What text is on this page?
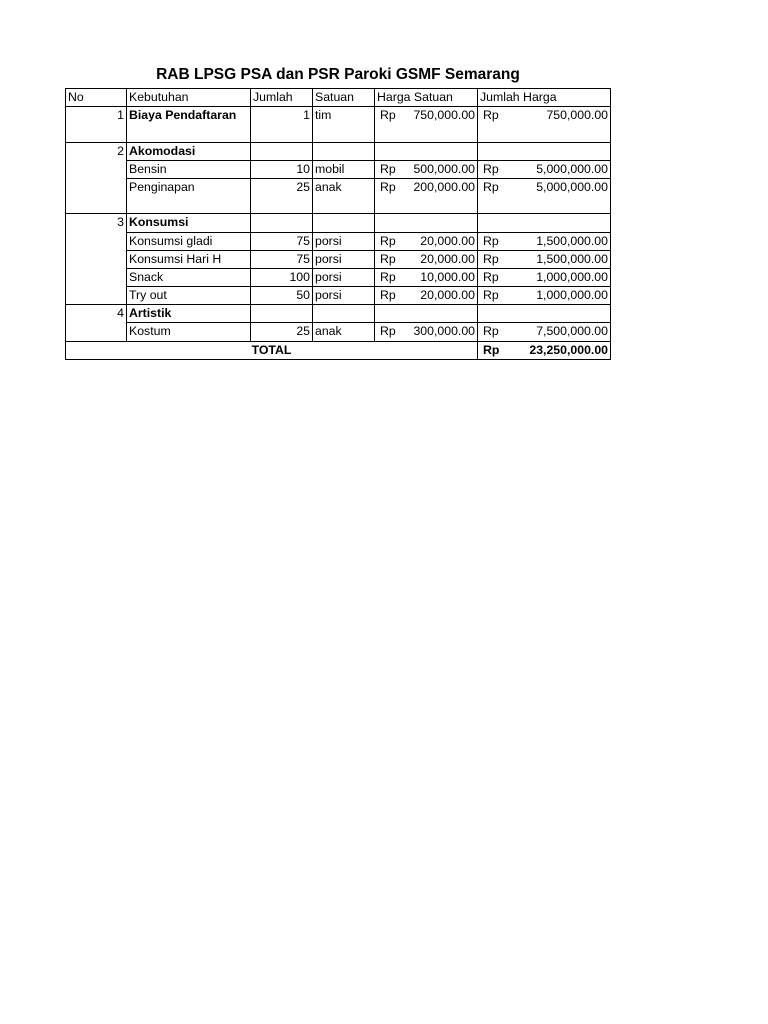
RAB LPSG PSA dan PSR Paroki GSMF Semarang
No	Kebutuhan	Jumlah	Satuan	Harga Satuan	Jumlah Harga
1	Biaya Pendaftaran	1	tim	Rp 750,000.00	Rp 750,000.00

2	Akomodasi				
	Bensin	10	mobil	Rp 500,000.00	Rp 5,000,000.00

	Penginapan	25	anak	Rp 200,000.00	Rp 5,000,000.00

3	Konsumsi				
	Konsumsi gladi	75	porsi	Rp 20,000.00	Rp 1,500,000.00

	Konsumsi Hari H	75	porsi	Rp 20,000.00	Rp 1,500,000.00

	Snack	100	porsi	Rp 10,000.00	Rp 1,000,000.00

	Try out	50	porsi	Rp 20,000.00	Rp 1,000,000.00

4	Artistik				
	Kostum	25	anak	Rp 300,000.00	Rp 7,500,000.00

TOTAL					Rp 23,250,000.00
